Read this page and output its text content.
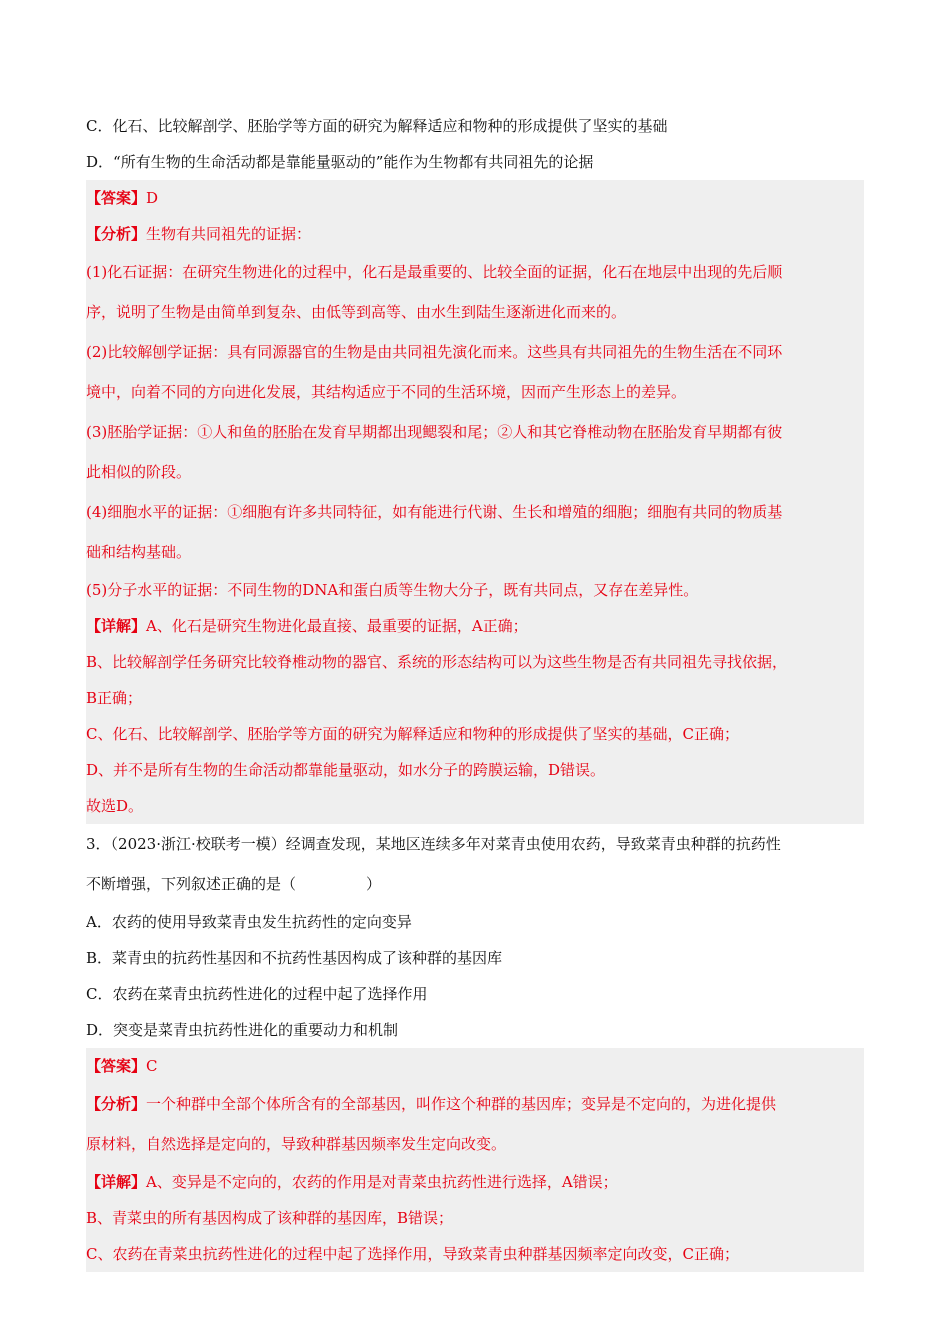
C．化石、比较解剖学、胚胎学等方面的研究为解释适应和物种的形成提供了坚实的基础
D．“所有生物的生命活动都是靠能量驱动的”能作为生物都有共同祖先的论据
【答案】D
【分析】生物有共同祖先的证据：
(1)化石证据：在研究生物进化的过程中，化石是最重要的、比较全面的证据，化石在地层中出现的先后顺
序，说明了生物是由简单到复杂、由低等到高等、由水生到陆生逐渐进化而来的。
(2)比较解刨学证据：具有同源器官的生物是由共同祖先演化而来。这些具有共同祖先的生物生活在不同环
境中，向着不同的方向进化发展，其结构适应于不同的生活环境，因而产生形态上的差异。
(3)胚胎学证据：①人和鱼的胚胎在发育早期都出现鳃裂和尾；②人和其它脊椎动物在胚胎发育早期都有彼
此相似的阶段。
(4)细胞水平的证据：①细胞有许多共同特征，如有能进行代谢、生长和增殖的细胞；细胞有共同的物质基
础和结构基础。
(5)分子水平的证据：不同生物的DNA和蛋白质等生物大分子，既有共同点，又存在差异性。
【详解】A、化石是研究生物进化最直接、最重要的证据，A正确；
B、比较解剖学任务研究比较脊椎动物的器官、系统的形态结构可以为这些生物是否有共同祖先寻找依据，
B正确；
C、化石、比较解剖学、胚胎学等方面的研究为解释适应和物种的形成提供了坚实的基础，C正确；
D、并不是所有生物的生命活动都靠能量驱动，如水分子的跨膜运输，D错误。
故选D。
3．（2023·浙江·校联考一模）经调查发现，某地区连续多年对菜青虫使用农药，导致菜青虫种群的抗药性
不断增强，下列叙述正确的是（	）
A．农药的使用导致菜青虫发生抗药性的定向变异
B．菜青虫的抗药性基因和不抗药性基因构成了该种群的基因库
C．农药在菜青虫抗药性进化的过程中起了选择作用
D．突变是菜青虫抗药性进化的重要动力和机制
【答案】C
【分析】一个种群中全部个体所含有的全部基因，叫作这个种群的基因库；变异是不定向的，为进化提供
原材料，自然选择是定向的，导致种群基因频率发生定向改变。
【详解】A、变异是不定向的，农药的作用是对青菜虫抗药性进行选择，A错误；
B、青菜虫的所有基因构成了该种群的基因库，B错误；
C、农药在青菜虫抗药性进化的过程中起了选择作用，导致菜青虫种群基因频率定向改变，C正确；
